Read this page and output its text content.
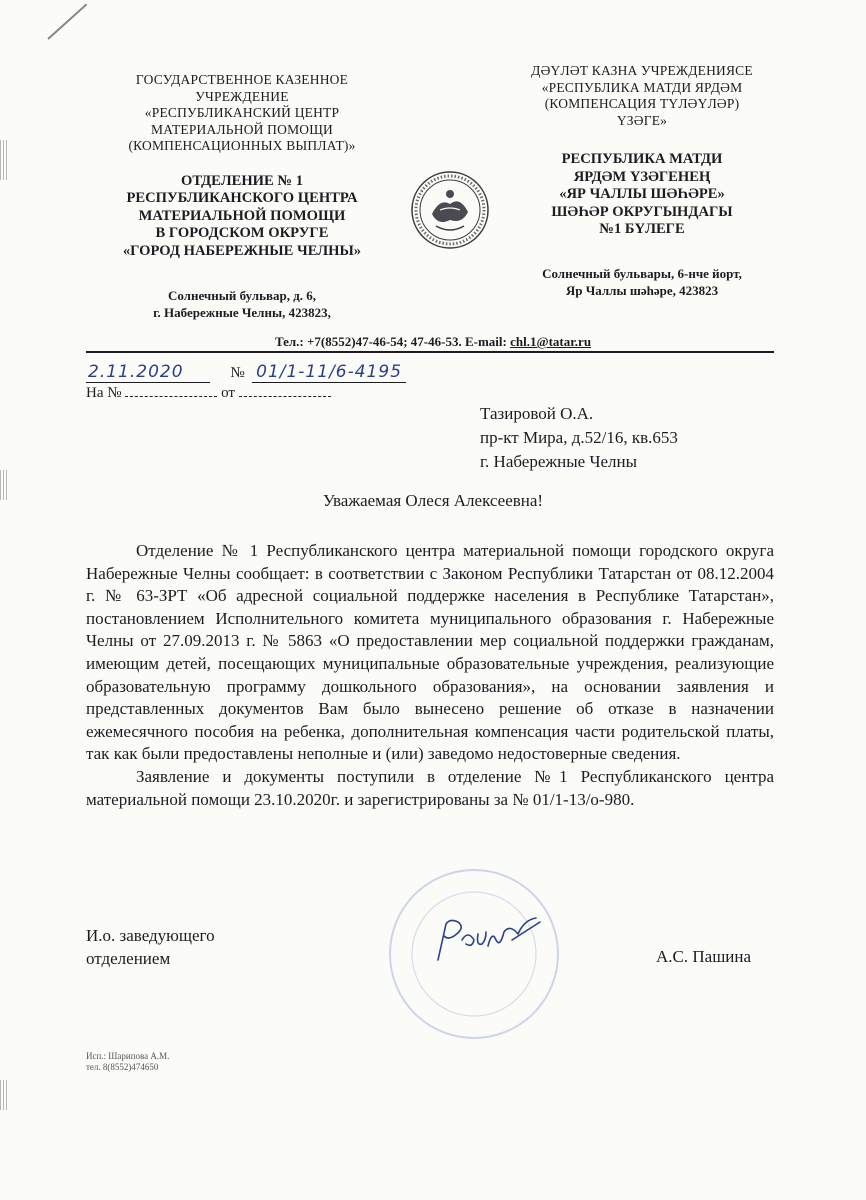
ГОСУДАРСТВЕННОЕ КАЗЕННОЕ
УЧРЕЖДЕНИЕ
«РЕСПУБЛИКАНСКИЙ ЦЕНТР
МАТЕРИАЛЬНОЙ ПОМОЩИ
(КОМПЕНСАЦИОННЫХ ВЫПЛАТ)»
ОТДЕЛЕНИЕ № 1
РЕСПУБЛИКАНСКОГО ЦЕНТРА
МАТЕРИАЛЬНОЙ ПОМОЩИ
В ГОРОДСКОМ ОКРУГЕ
«ГОРОД НАБЕРЕЖНЫЕ ЧЕЛНЫ»
Солнечный бульвар, д. 6,
г. Набережные Челны, 423823,
ДӘҮЛӘТ КАЗНА УЧРЕЖДЕНИЯСЕ
«РЕСПУБЛИКА МАТДИ ЯРДӘМ
(КОМПЕНСАЦИЯ ТҮЛӘҮЛӘР)
ҮЗӘГЕ»
РЕСПУБЛИКА МАТДИ
ЯРДӘМ ҮЗӘГЕНЕҢ
«ЯР ЧАЛЛЫ ШӘҺӘРЕ»
ШӘҺӘР ОКРУГЫНДАГЫ
№1 БҮЛЕГЕ
Солнечный бульвары, 6-нче йорт,
Яр Чаллы шәһәре, 423823
Тел.: +7(8552)47-46-54; 47-46-53. E-mail: chl.1@tatar.ru
2.11.2020	№ 01/1-11/6-4195
На №	от
Тазировой О.А.
пр-кт Мира, д.52/16, кв.653
г. Набережные Челны
Уважаемая Олеся Алексеевна!

Отделение № 1 Республиканского центра материальной помощи городского округа Набережные Челны сообщает: в соответствии с Законом Республики Татарстан от 08.12.2004 г. № 63-ЗРТ «Об адресной социальной поддержке населения в Республике Татарстан», постановлением Исполнительного комитета муниципального образования г. Набережные Челны от 27.09.2013 г. № 5863 «О предоставлении мер социальной поддержки гражданам, имеющим детей, посещающих муниципальные образовательные учреждения, реализующие образовательную программу дошкольного образования», на основании заявления и представленных документов Вам было вынесено решение об отказе в назначении ежемесячного пособия на ребенка, дополнительная компенсация части родительской платы, так как были предоставлены неполные и (или) заведомо недостоверные сведения.

Заявление и документы поступили в отделение №1 Республиканского центра материальной помощи 23.10.2020г. и зарегистрированы за № 01/1-13/о-980.

И.о. заведующего
отделением	А.С. Пашина
Исп.: Шарипова А.М.
тел. 8(8552)474650
